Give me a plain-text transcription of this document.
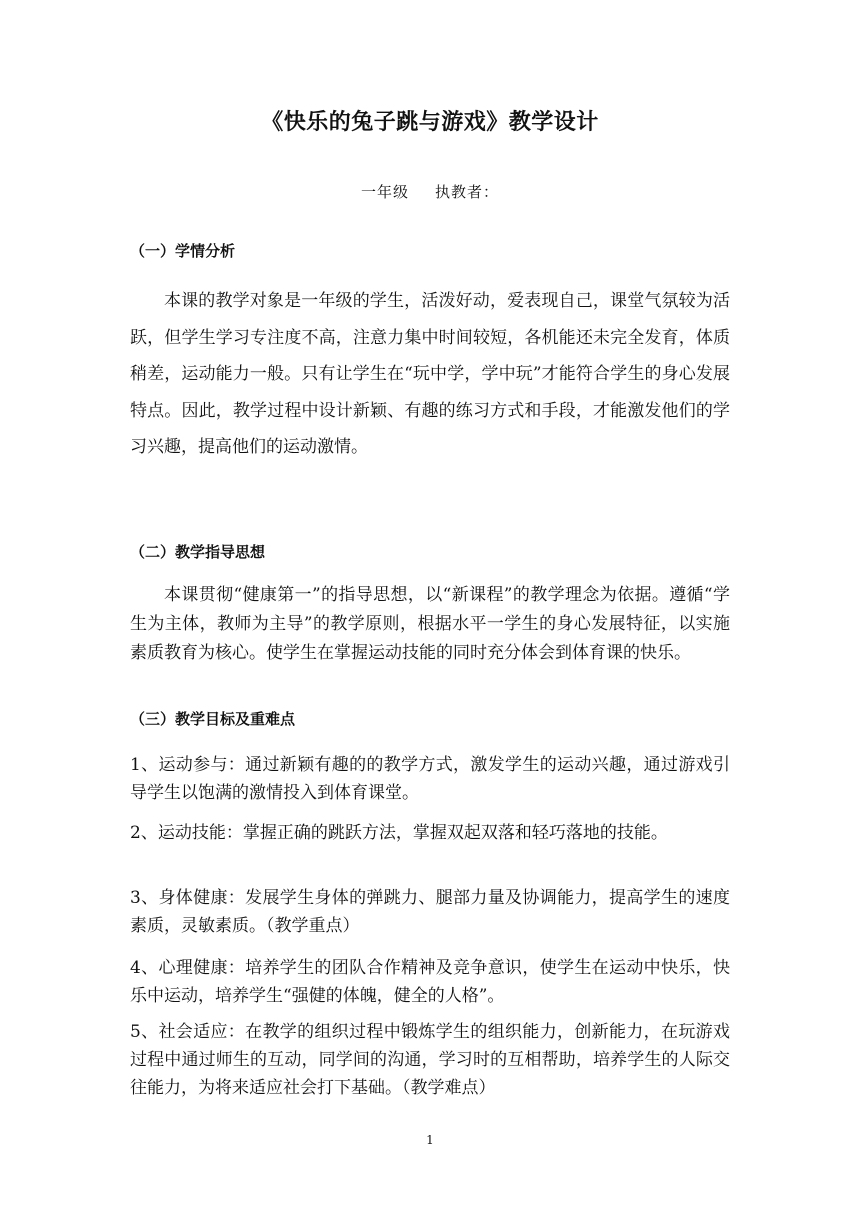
《快乐的兔子跳与游戏》教学设计
一年级 执教者：
（一）学情分析

本课的教学对象是一年级的学生，活泼好动，爱表现自己，课堂气氛较为活跃，但学生学习专注度不高，注意力集中时间较短，各机能还未完全发育，体质稍差，运动能力一般。只有让学生在“玩中学，学中玩”才能符合学生的身心发展特点。因此，教学过程中设计新颖、有趣的练习方式和手段，才能激发他们的学习兴趣，提高他们的运动激情。

（二）教学指导思想

本课贯彻“健康第一”的指导思想，以“新课程”的教学理念为依据。遵循“学生为主体，教师为主导”的教学原则，根据水平一学生的身心发展特征，以实施素质教育为核心。使学生在掌握运动技能的同时充分体会到体育课的快乐。

（三）教学目标及重难点

1、运动参与：通过新颖有趣的的教学方式，激发学生的运动兴趣，通过游戏引导学生以饱满的激情投入到体育课堂。

2、运动技能：掌握正确的跳跃方法，掌握双起双落和轻巧落地的技能。

3、身体健康：发展学生身体的弹跳力、腿部力量及协调能力，提高学生的速度素质，灵敏素质。（教学重点）

4、心理健康：培养学生的团队合作精神及竞争意识，使学生在运动中快乐，快乐中运动，培养学生“强健的体魄，健全的人格”。

5、社会适应：在教学的组织过程中锻炼学生的组织能力，创新能力，在玩游戏过程中通过师生的互动，同学间的沟通，学习时的互相帮助，培养学生的人际交往能力，为将来适应社会打下基础。（教学难点）

1
